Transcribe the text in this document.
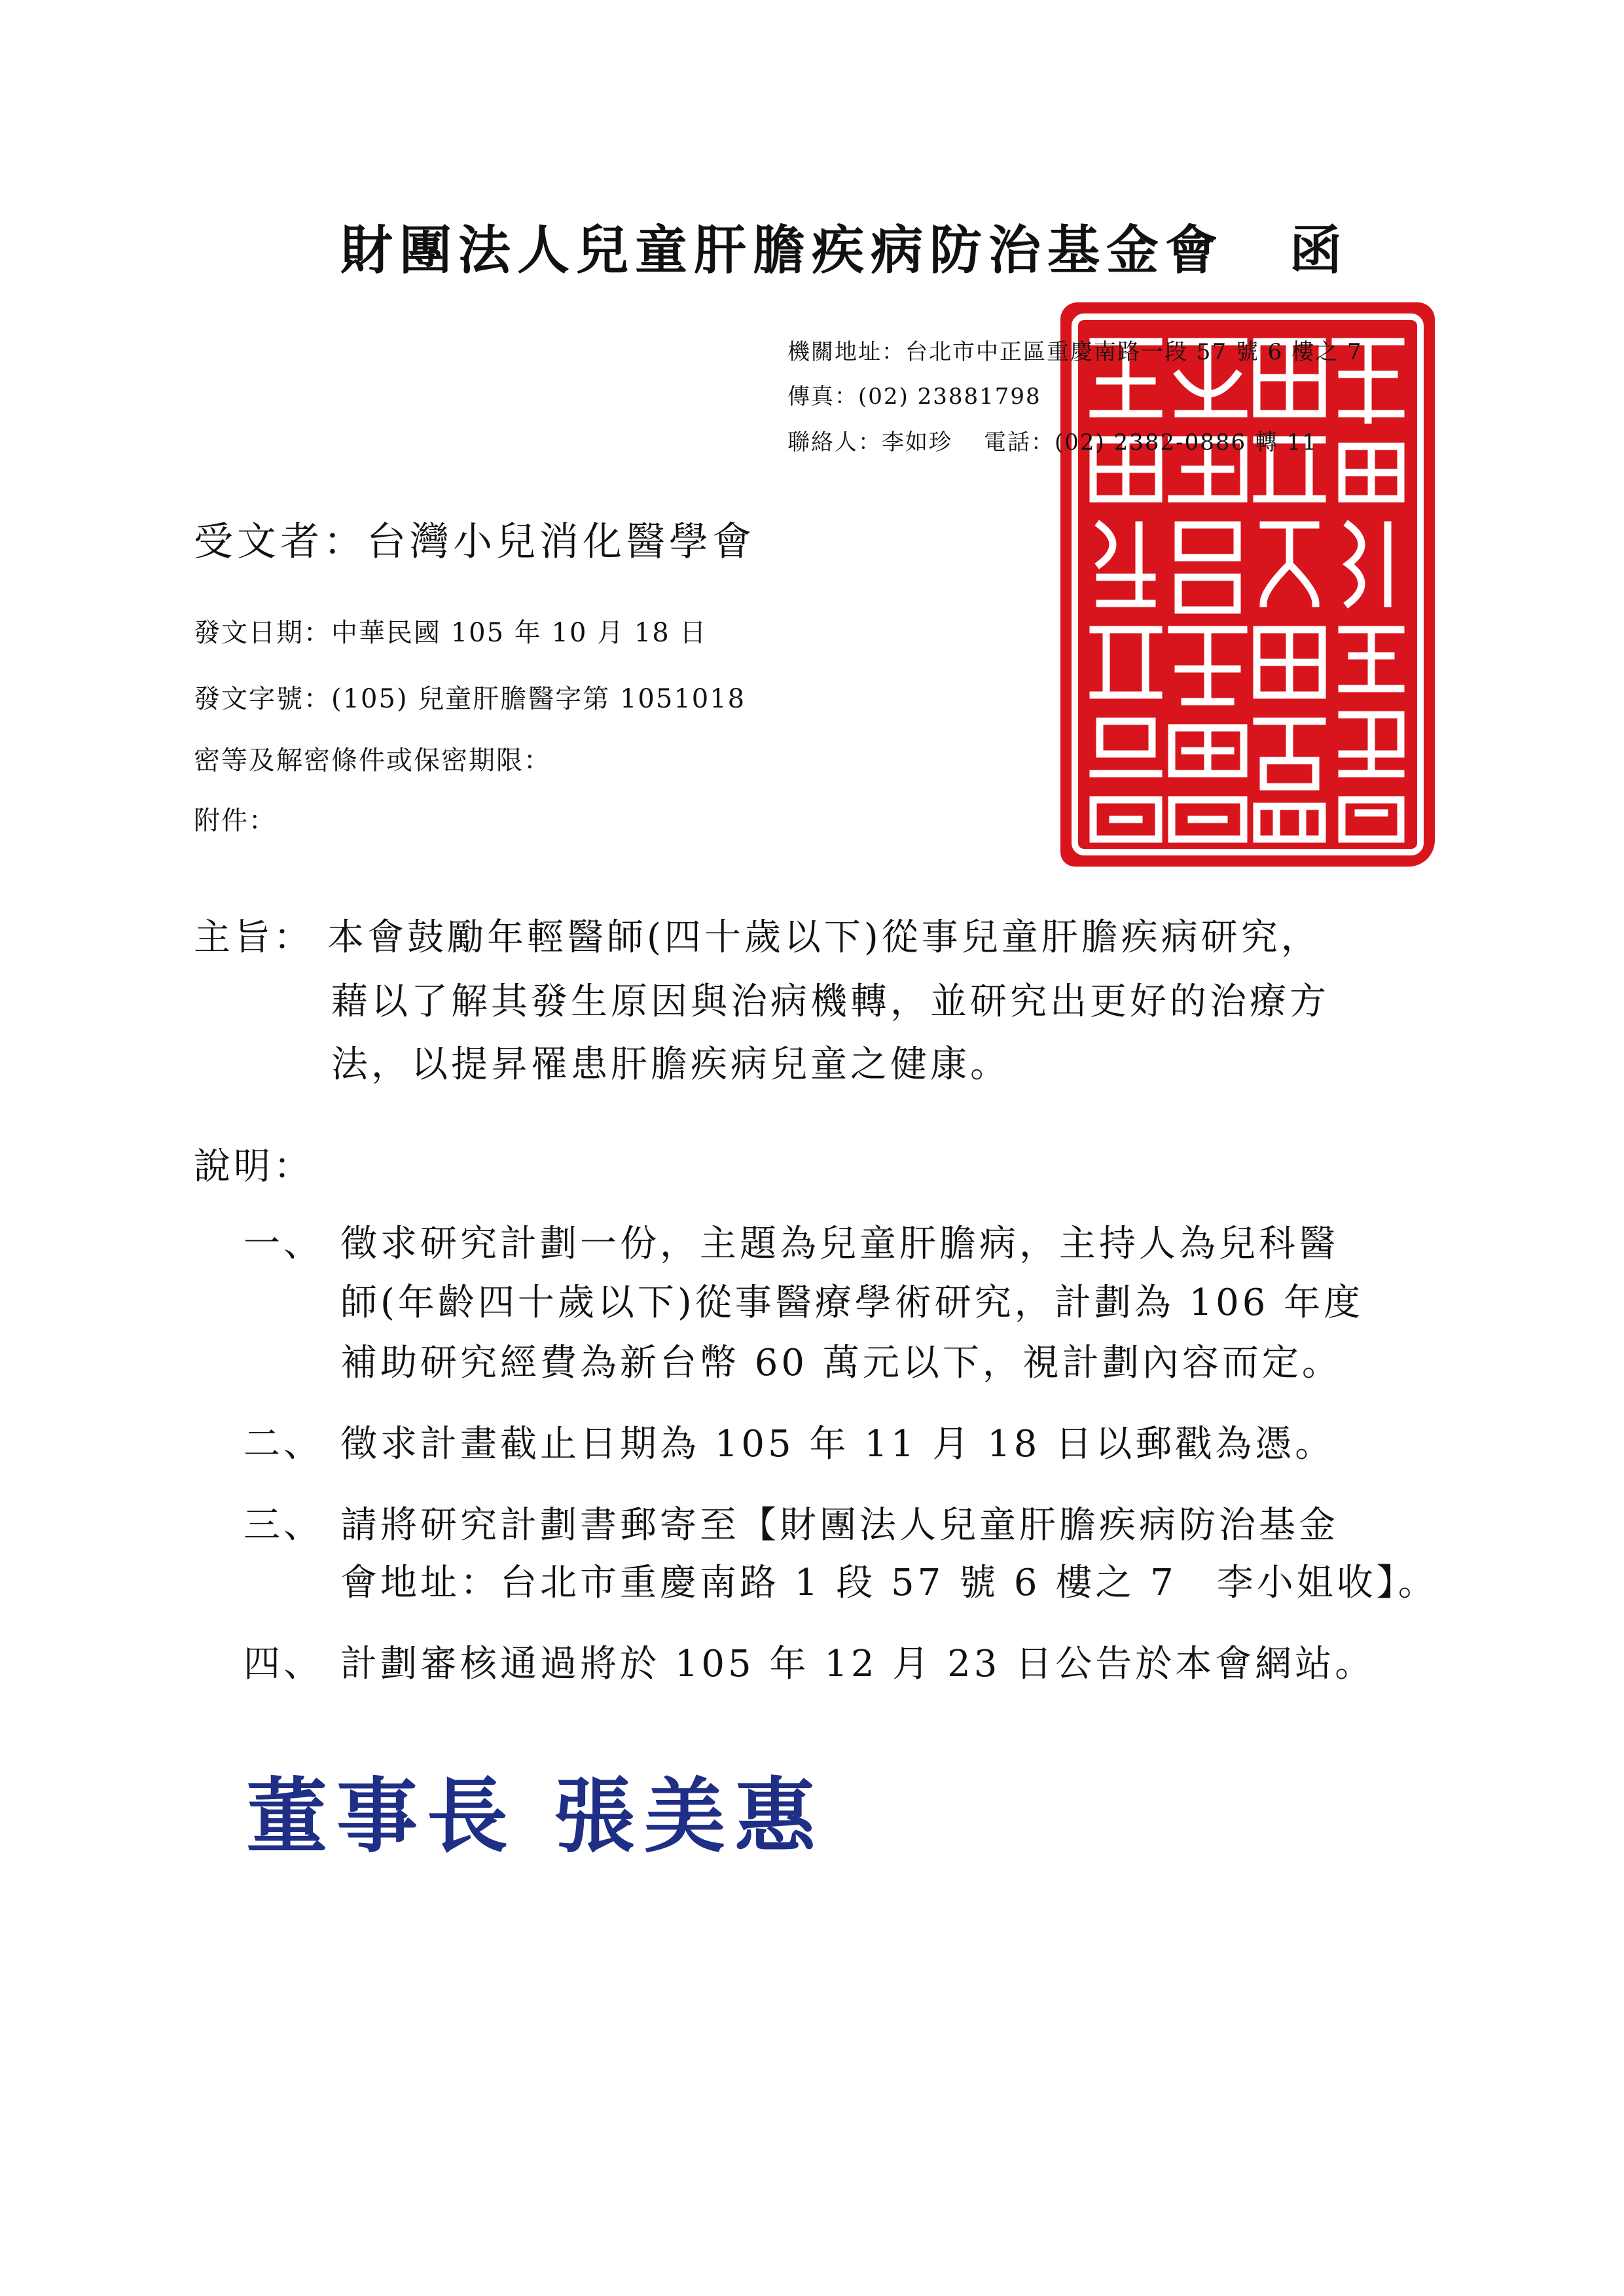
財團法人兒童肝膽疾病防治基金會 函
機關地址：台北市中正區重慶南路一段 57 號 6 樓之 7
傳真：(02) 23881798
聯絡人：李如珍 電話：(02) 2382-0886 轉 11
受文者：台灣小兒消化醫學會
發文日期：中華民國 105 年 10 月 18 日
發文字號：(105) 兒童肝膽醫字第 1051018
密等及解密條件或保密期限：
附件：
主旨： 本會鼓勵年輕醫師(四十歲以下)從事兒童肝膽疾病研究，
藉以了解其發生原因與治病機轉，並研究出更好的治療方
法，以提昇罹患肝膽疾病兒童之健康。
說明：
一、 徵求研究計劃一份，主題為兒童肝膽病，主持人為兒科醫
師(年齡四十歲以下)從事醫療學術研究，計劃為 106 年度
補助研究經費為新台幣 60 萬元以下，視計劃內容而定。
二、 徵求計畫截止日期為 105 年 11 月 18 日以郵戳為憑。
三、 請將研究計劃書郵寄至【財團法人兒童肝膽疾病防治基金
會地址：台北市重慶南路 1 段 57 號 6 樓之 7　李小姐收】。
四、 計劃審核通過將於 105 年 12 月 23 日公告於本會網站。
董事長 張美惠
